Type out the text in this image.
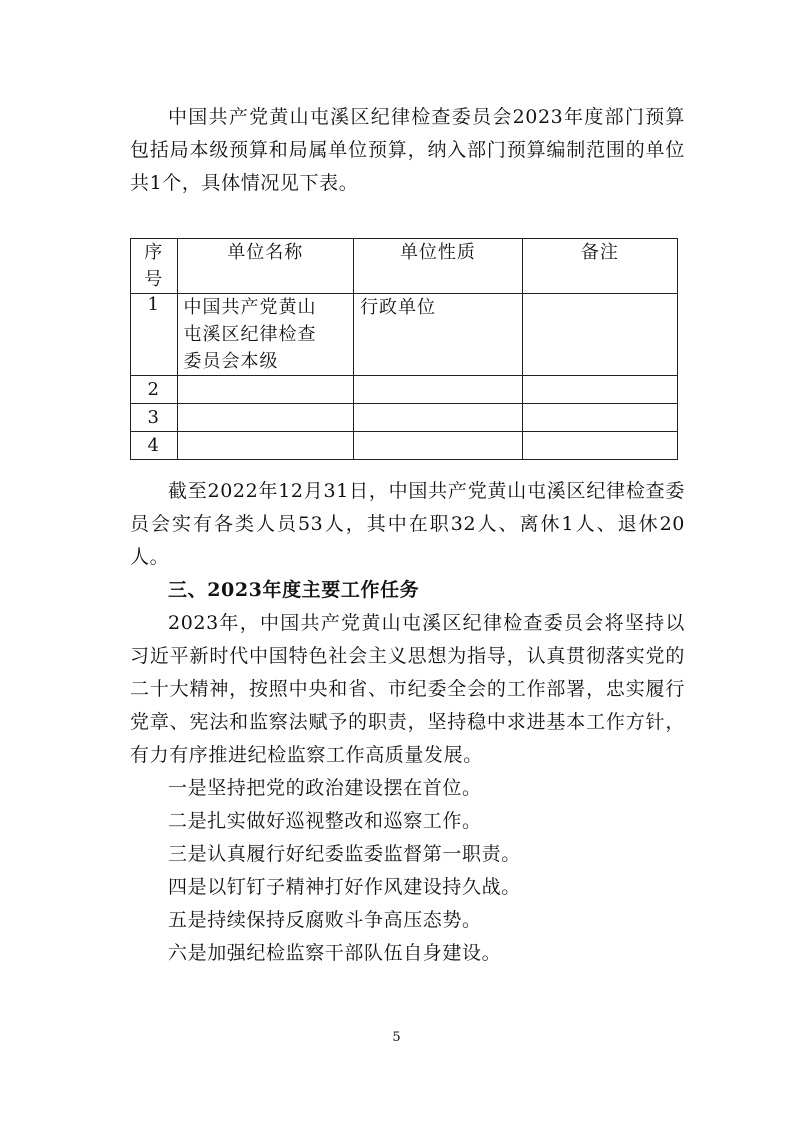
中国共产党黄山屯溪区纪律检查委员会2023年度部门预算包括局本级预算和局属单位预算，纳入部门预算编制范围的单位共1个，具体情况见下表。

序
号	单位名称	单位性质	备注
1	中国共产党黄山
屯溪区纪律检查
委员会本级	行政单位	
2			
3			
4			

截至2022年12月31日，中国共产党黄山屯溪区纪律检查委员会实有各类人员53人，其中在职32人、离休1人、退休20人。

三、2023年度主要工作任务

2023年，中国共产党黄山屯溪区纪律检查委员会将坚持以习近平新时代中国特色社会主义思想为指导，认真贯彻落实党的二十大精神，按照中央和省、市纪委全会的工作部署，忠实履行党章、宪法和监察法赋予的职责，坚持稳中求进基本工作方针，有力有序推进纪检监察工作高质量发展。

一是坚持把党的政治建设摆在首位。

二是扎实做好巡视整改和巡察工作。

三是认真履行好纪委监委监督第一职责。

四是以钉钉子精神打好作风建设持久战。

五是持续保持反腐败斗争高压态势。

六是加强纪检监察干部队伍自身建设。

5
